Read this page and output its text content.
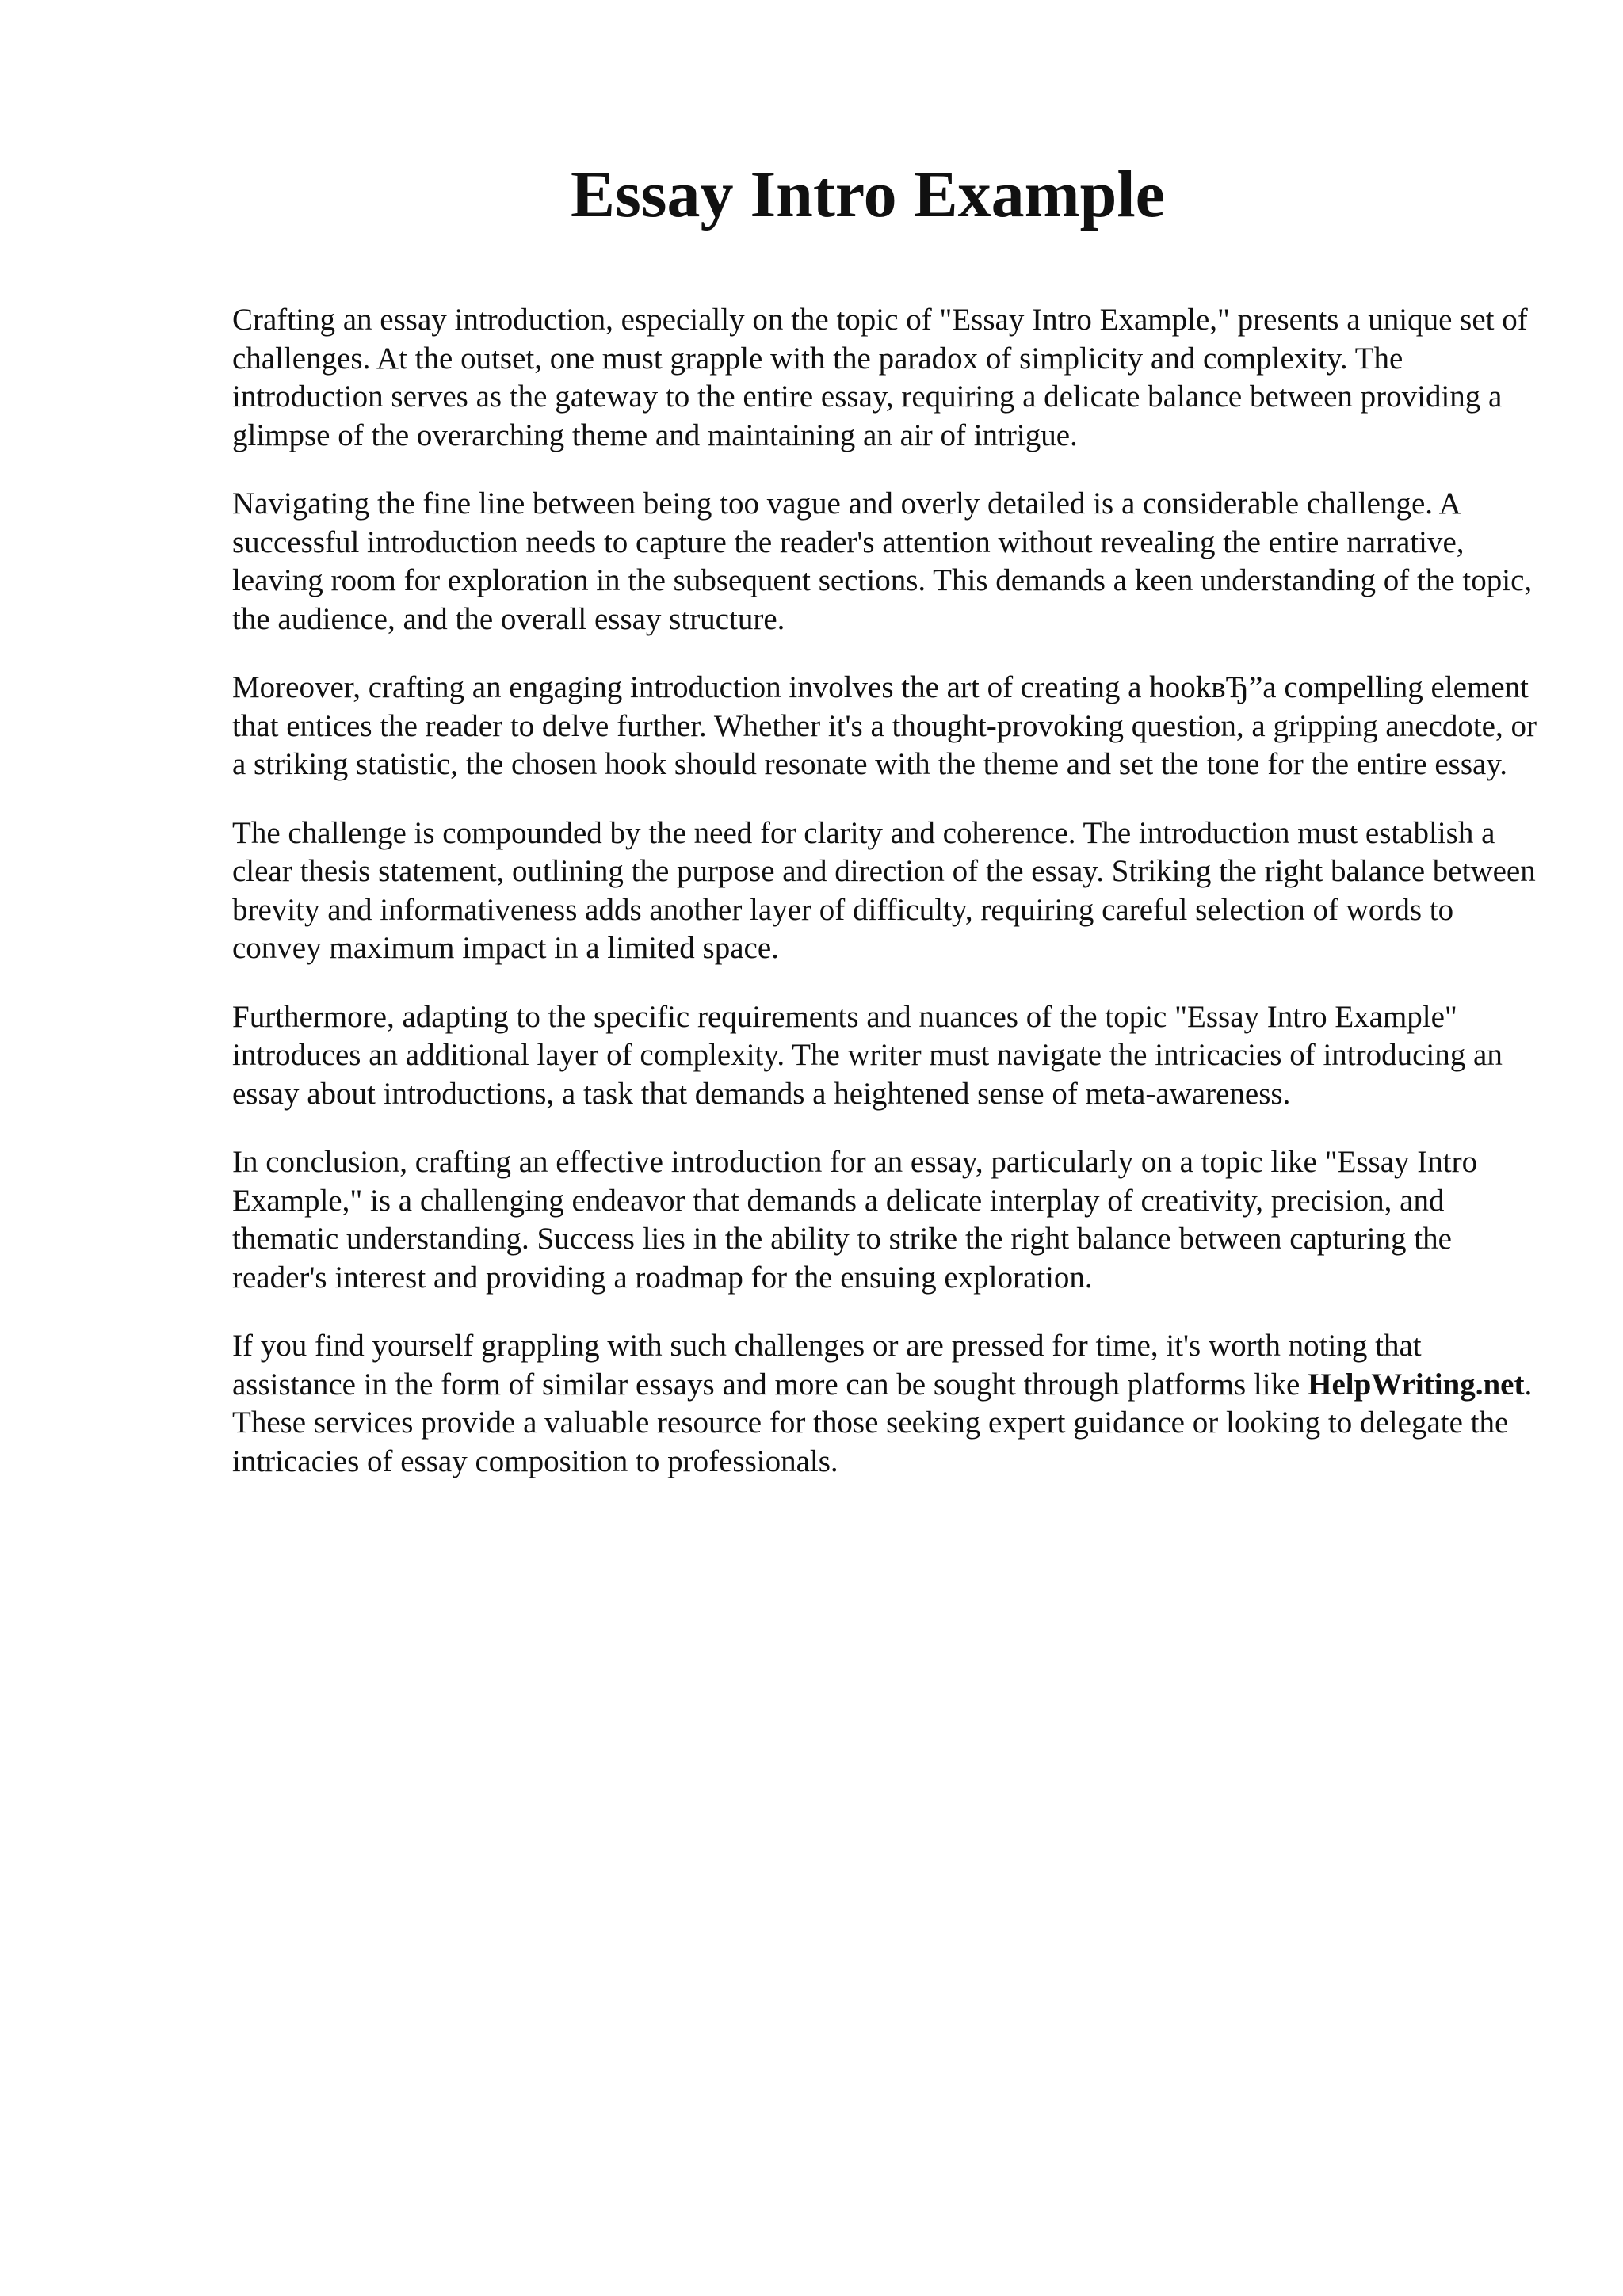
Essay Intro Example

Crafting an essay introduction, especially on the topic of "Essay Intro Example," presents a unique set of challenges. At the outset, one must grapple with the paradox of simplicity and complexity. The introduction serves as the gateway to the entire essay, requiring a delicate balance between providing a glimpse of the overarching theme and maintaining an air of intrigue.

Navigating the fine line between being too vague and overly detailed is a considerable challenge. A successful introduction needs to capture the reader's attention without revealing the entire narrative, leaving room for exploration in the subsequent sections. This demands a keen understanding of the topic, the audience, and the overall essay structure.

Moreover, crafting an engaging introduction involves the art of creating a hookвЂ”a compelling element that entices the reader to delve further. Whether it's a thought-provoking question, a gripping anecdote, or a striking statistic, the chosen hook should resonate with the theme and set the tone for the entire essay.

The challenge is compounded by the need for clarity and coherence. The introduction must establish a clear thesis statement, outlining the purpose and direction of the essay. Striking the right balance between brevity and informativeness adds another layer of difficulty, requiring careful selection of words to convey maximum impact in a limited space.

Furthermore, adapting to the specific requirements and nuances of the topic "Essay Intro Example" introduces an additional layer of complexity. The writer must navigate the intricacies of introducing an essay about introductions, a task that demands a heightened sense of meta-awareness.

In conclusion, crafting an effective introduction for an essay, particularly on a topic like "Essay Intro Example," is a challenging endeavor that demands a delicate interplay of creativity, precision, and thematic understanding. Success lies in the ability to strike the right balance between capturing the reader's interest and providing a roadmap for the ensuing exploration.

If you find yourself grappling with such challenges or are pressed for time, it's worth noting that assistance in the form of similar essays and more can be sought through platforms like HelpWriting.net. These services provide a valuable resource for those seeking expert guidance or looking to delegate the intricacies of essay composition to professionals.
